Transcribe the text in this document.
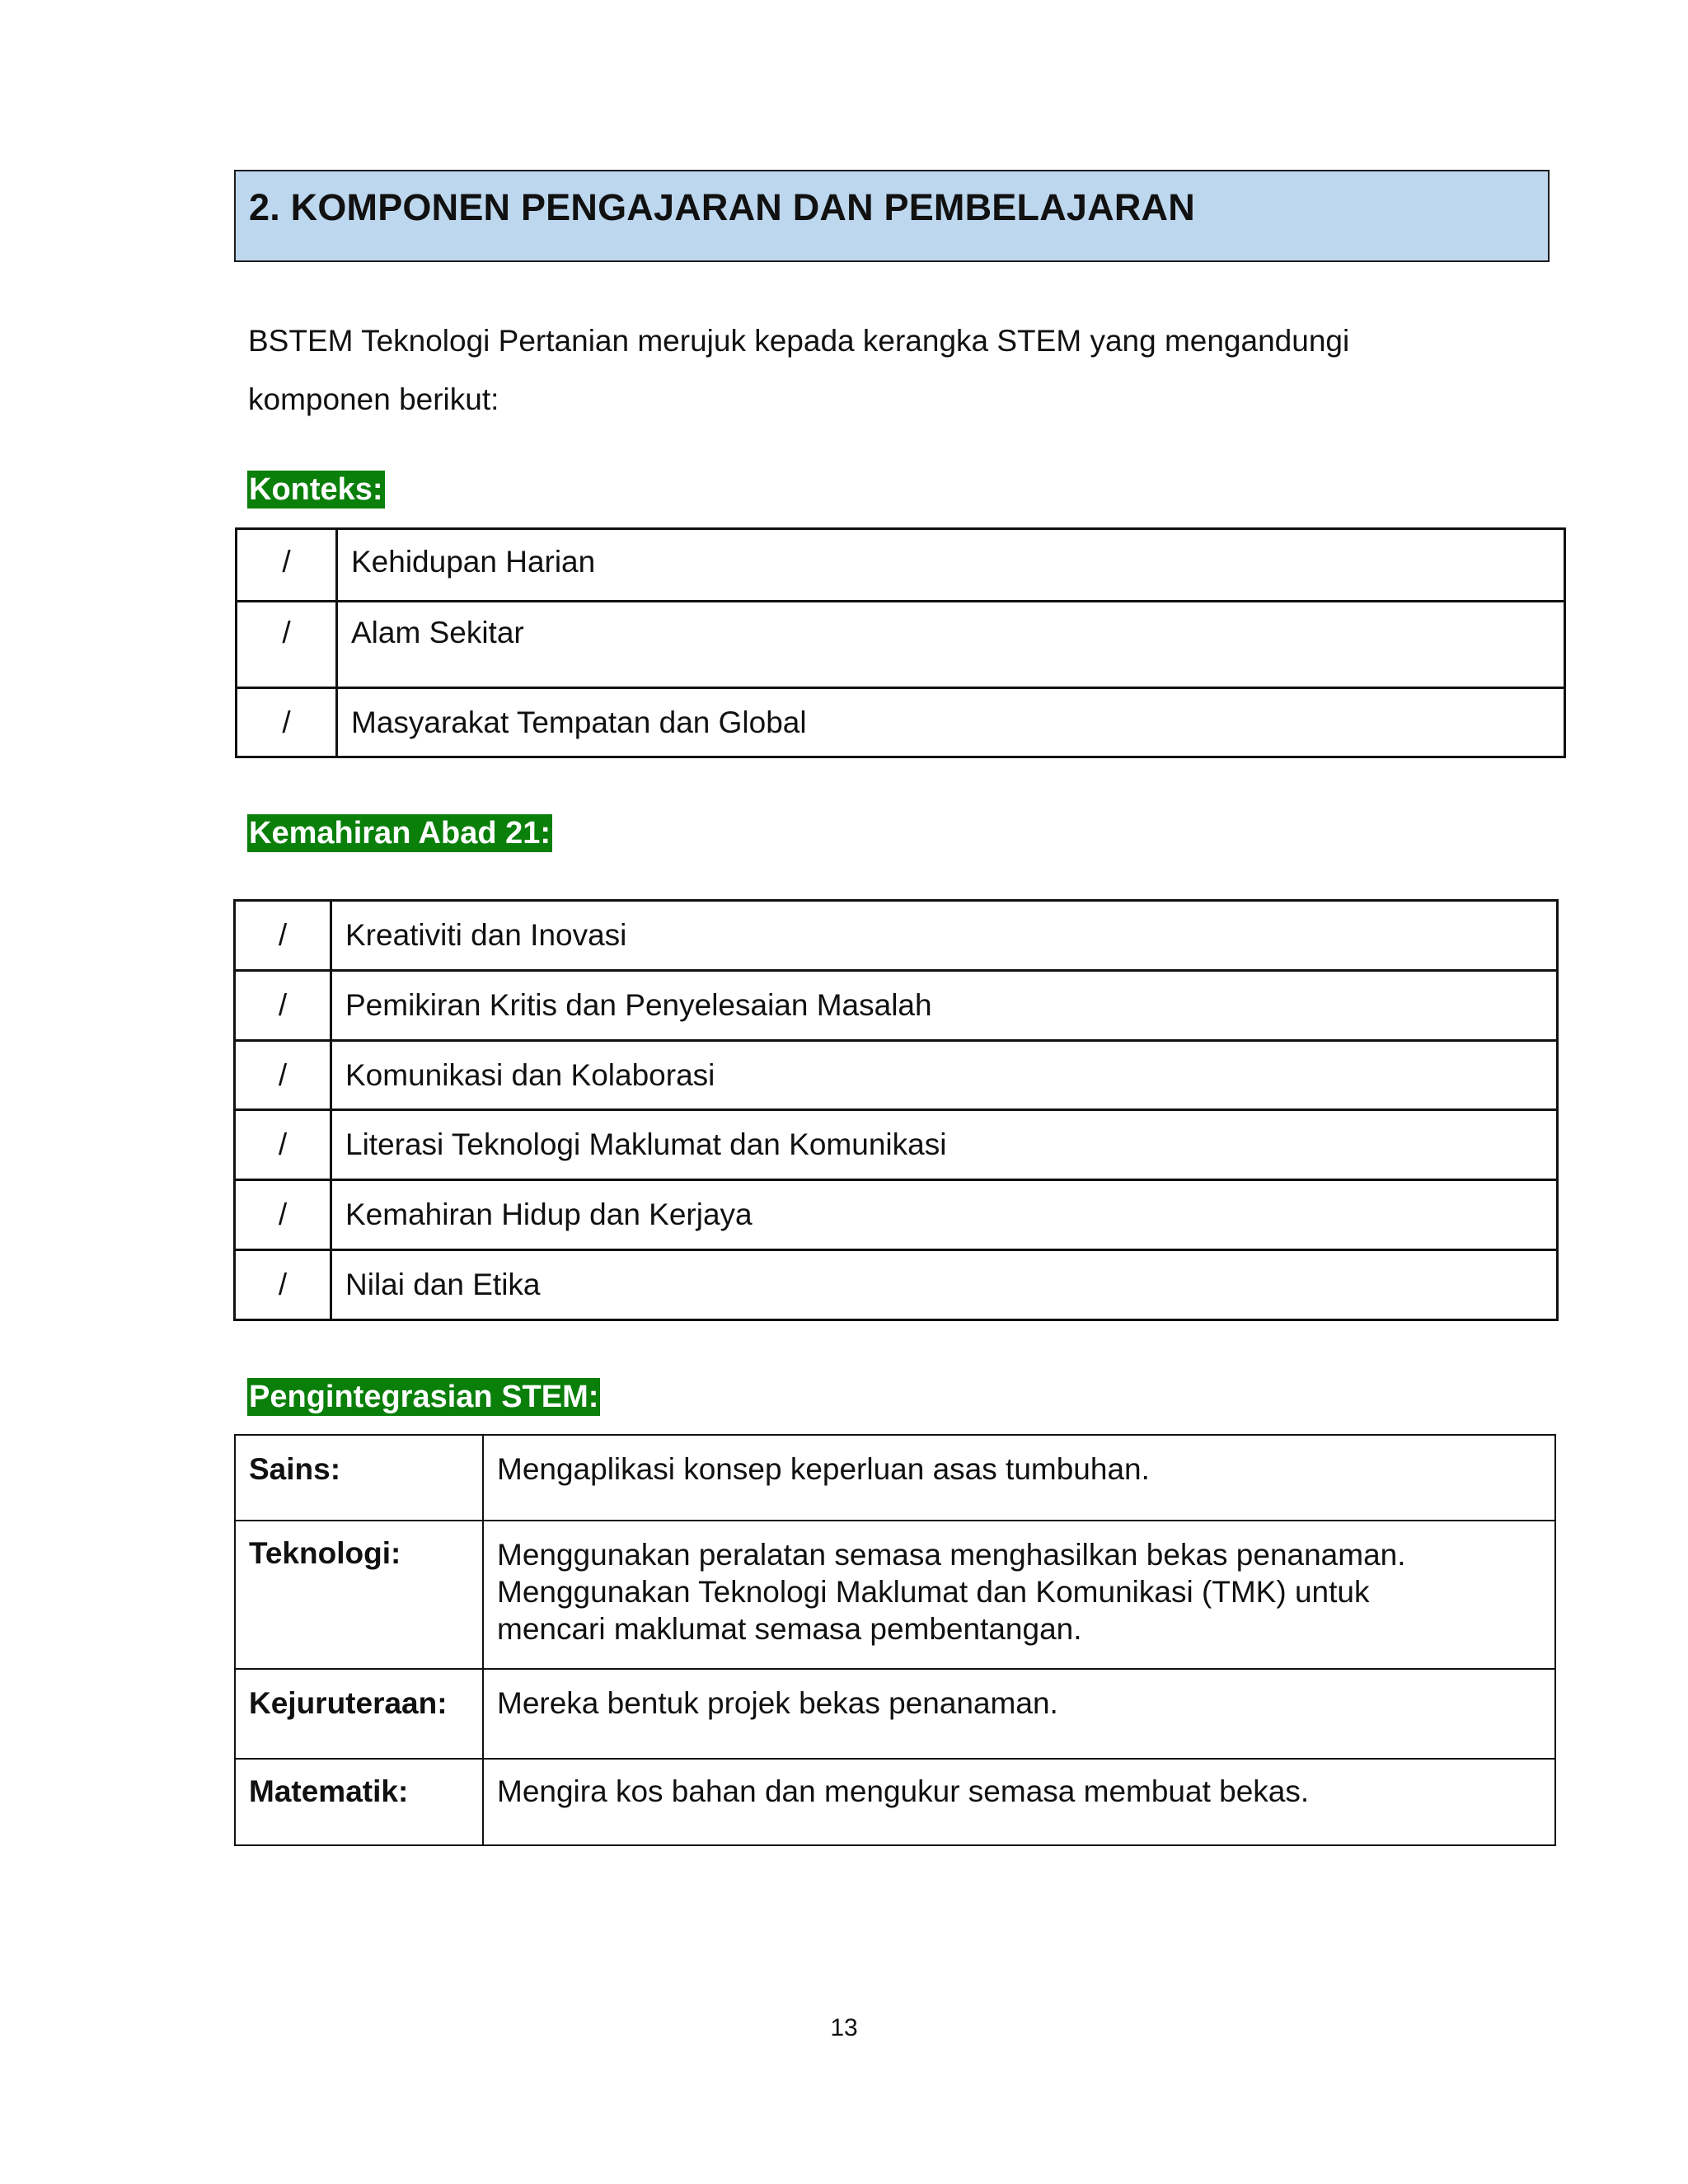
2. KOMPONEN PENGAJARAN DAN PEMBELAJARAN
BSTEM Teknologi Pertanian merujuk kepada kerangka STEM yang mengandungi
komponen berikut:
Konteks:
/	Kehidupan Harian
/	Alam Sekitar
/	Masyarakat Tempatan dan Global
Kemahiran Abad 21:
/	Kreativiti dan Inovasi
/	Pemikiran Kritis dan Penyelesaian Masalah
/	Komunikasi dan Kolaborasi
/	Literasi Teknologi Maklumat dan Komunikasi
/	Kemahiran Hidup dan Kerjaya
/	Nilai dan Etika
Pengintegrasian STEM:
Sains:	Mengaplikasi konsep keperluan asas tumbuhan.

Teknologi:	Menggunakan peralatan semasa menghasilkan bekas penanaman.
Menggunakan Teknologi Maklumat dan Komunikasi (TMK) untuk
mencari maklumat semasa pembentangan.

Kejuruteraan:	Mereka bentuk projek bekas penanaman.

Matematik:	Mengira kos bahan dan mengukur semasa membuat bekas.
13
